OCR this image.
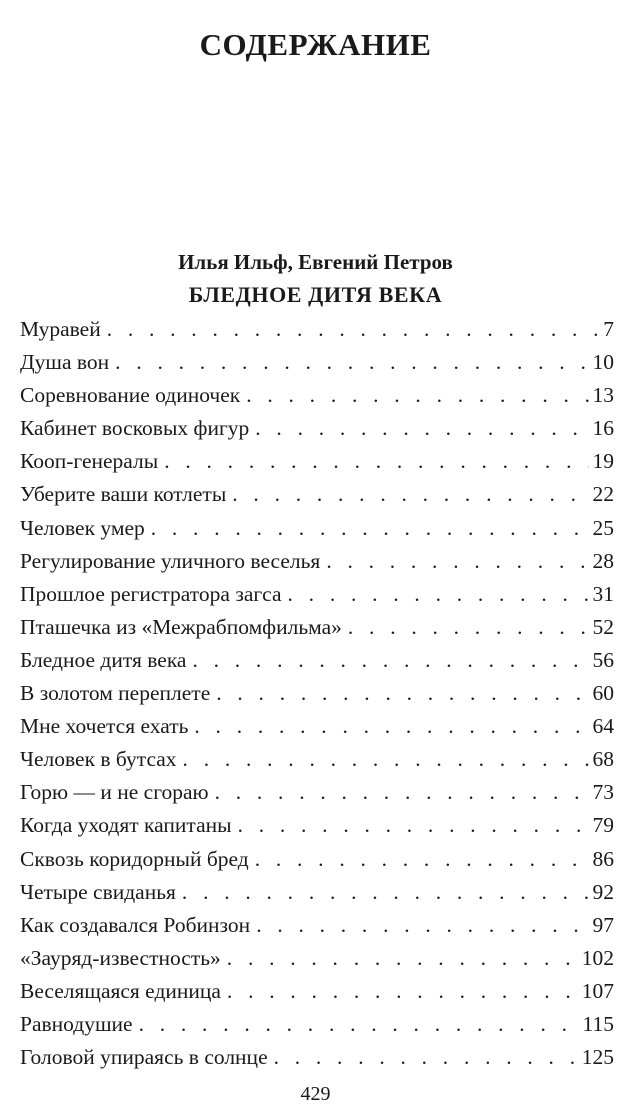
СОДЕРЖАНИЕ
Илья Ильф, Евгений Петров
БЛЕДНОЕ ДИТЯ ВЕКА
Муравей . . .	7
Душа вон . . .	10
Соревнование одиночек . . .	13
Кабинет восковых фигур . . .	16
Кооп-генералы . . .	19
Уберите ваши котлеты . . .	22
Человек умер . . .	25
Регулирование уличного веселья . . .	28
Прошлое регистратора загса . . .	31
Пташечка из «Межрабпомфильма» . . .	52
Бледное дитя века . . .	56
В золотом переплете . . .	60
Мне хочется ехать . . .	64
Человек в бутсах . . .	68
Горю — и не сгораю . . .	73
Когда уходят капитаны . . .	79
Сквозь коридорный бред . . .	86
Четыре свиданья . . .	92
Как создавался Робинзон . . .	97
«Зауряд-известность» . . .	102
Веселящаяся единица . . .	107
Равнодушие . . .	115
Головой упираясь в солнце . . .	125
429
